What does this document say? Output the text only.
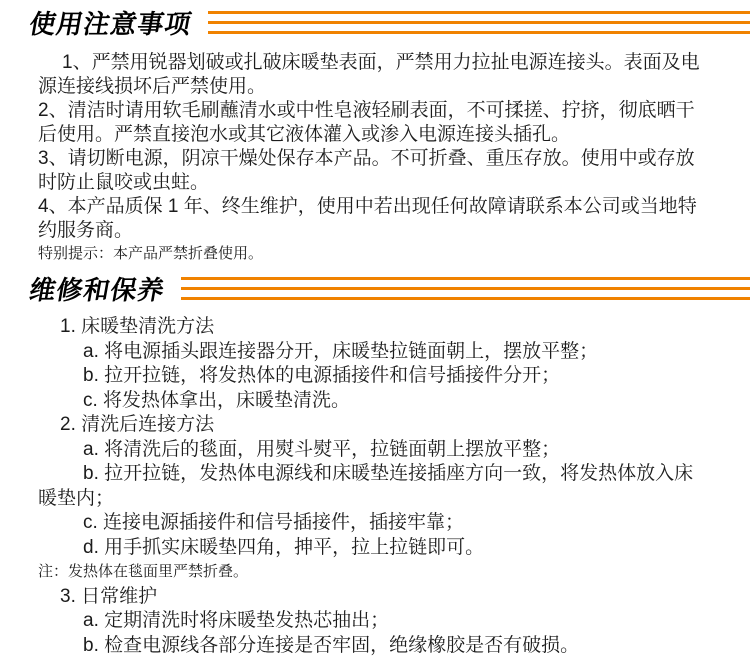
使用注意事项

1、严禁用锐器划破或扎破床暖垫表面，严禁用力拉扯电源连接头。表面及电源连接线损坏后严禁使用。

2、清洁时请用软毛刷蘸清水或中性皂液轻刷表面，不可揉搓、拧挤，彻底晒干后使用。严禁直接泡水或其它液体灌入或渗入电源连接头插孔。

3、请切断电源，阴凉干燥处保存本产品。不可折叠、重压存放。使用中或存放时防止鼠咬或虫蛀。

4、本产品质保 1 年、终生维护，使用中若出现任何故障请联系本公司或当地特约服务商。

特别提示：本产品严禁折叠使用。

维修和保养

1. 床暖垫清洗方法

a. 将电源插头跟连接器分开，床暖垫拉链面朝上，摆放平整；

b. 拉开拉链，将发热体的电源插接件和信号插接件分开；

c. 将发热体拿出，床暖垫清洗。

2. 清洗后连接方法

a. 将清洗后的毯面，用熨斗熨平，拉链面朝上摆放平整；

b. 拉开拉链，发热体电源线和床暖垫连接插座方向一致，将发热体放入床暖垫内；

c. 连接电源插接件和信号插接件，插接牢靠；

d. 用手抓实床暖垫四角，抻平，拉上拉链即可。

注：发热体在毯面里严禁折叠。

3. 日常维护

a. 定期清洗时将床暖垫发热芯抽出；

b. 检查电源线各部分连接是否牢固，绝缘橡胶是否有破损。
